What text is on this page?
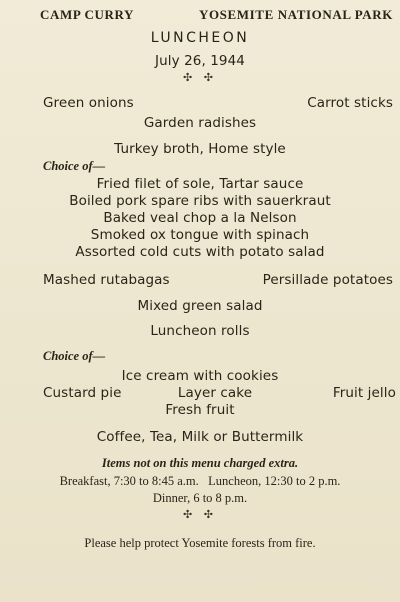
CAMP CURRY	YOSEMITE NATIONAL PARK
LUNCHEON
July 26, 1944
✣ ✣
Green onions	Carrot sticks
Garden radishes
Turkey broth, Home style
Choice of—
Fried filet of sole, Tartar sauce
Boiled pork spare ribs with sauerkraut
Baked veal chop a la Nelson
Smoked ox tongue with spinach
Assorted cold cuts with potato salad
Mashed rutabagas	Persillade potatoes
Mixed green salad
Luncheon rolls
Choice of—
Ice cream with cookies
Custard pie	Layer cake	Fruit jello
Fresh fruit
Coffee, Tea, Milk or Buttermilk
Items not on this menu charged extra.
Breakfast, 7:30 to 8:45 a.m.   Luncheon, 12:30 to 2 p.m.
Dinner, 6 to 8 p.m.
✣ ✣
Please help protect Yosemite forests from fire.
